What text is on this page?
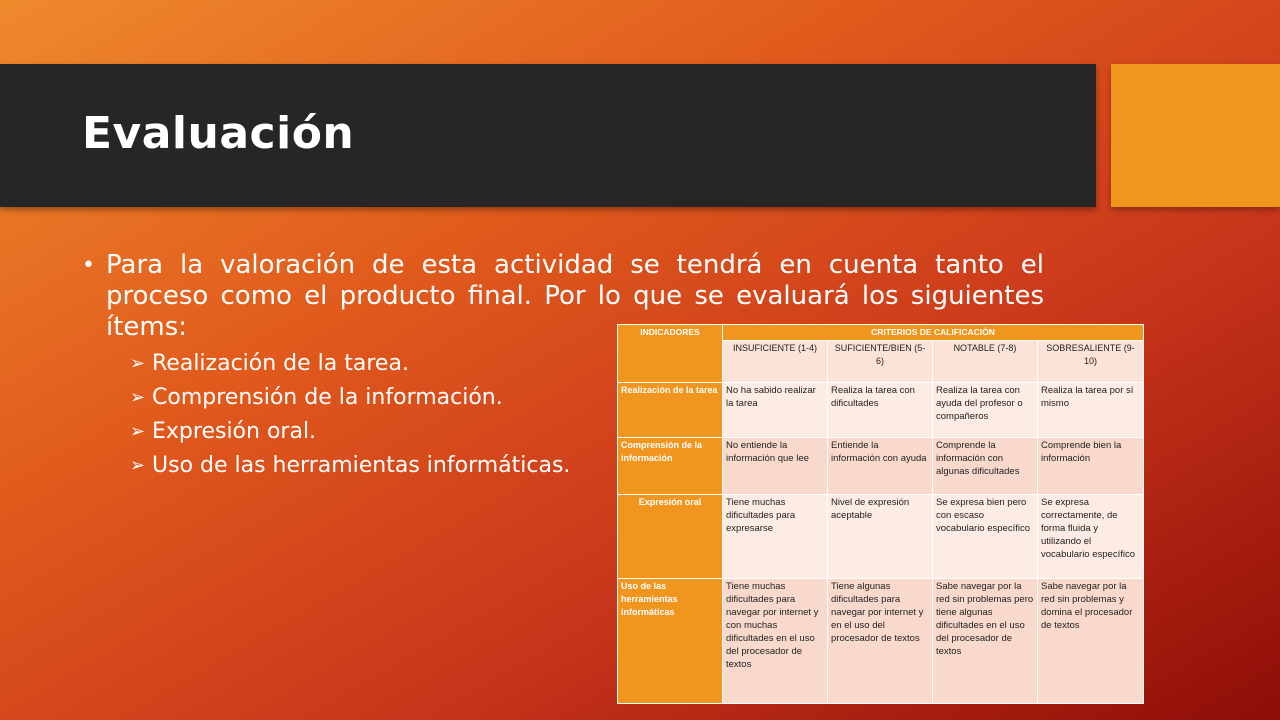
Evaluación
• Para la valoración de esta actividad se tendrá en cuenta tanto el proceso como el producto final. Por lo que se evaluará los siguientes ítems:
➢ Realización de la tarea.
➢ Comprensión de la información.
➢ Expresión oral.
➢ Uso de las herramientas informáticas.
INDICADORES	CRITERIOS DE CALIFICACIÓN			
	INSUFICIENTE (1-4)	SUFICIENTE/BIEN (5-6)	NOTABLE (7-8)	SOBRESALIENTE (9-10)
Realización de la tarea	No ha sabido realizar la tarea	Realiza la tarea con dificultades	Realiza la tarea con ayuda del profesor o compañeros	Realiza la tarea por sí mismo
Comprensión de la información	No entiende la información que lee	Entiende la información con ayuda	Comprende la información con algunas dificultades	Comprende bien la información
Expresión oral	Tiene muchas dificultades para expresarse	Nivel de expresión aceptable	Se expresa bien pero con escaso vocabulario específico	Se expresa correctamente, de forma fluida y utilizando el vocabulario específico
Uso de las herramientas informáticas	Tiene muchas dificultades para navegar por internet y con muchas dificultades en el uso del procesador de textos	Tiene algunas dificultades para navegar por internet y en el uso del procesador de textos	Sabe navegar por la red sin problemas pero tiene algunas dificultades en el uso del procesador de textos	Sabe navegar por la red sin problemas y domina el procesador de textos
